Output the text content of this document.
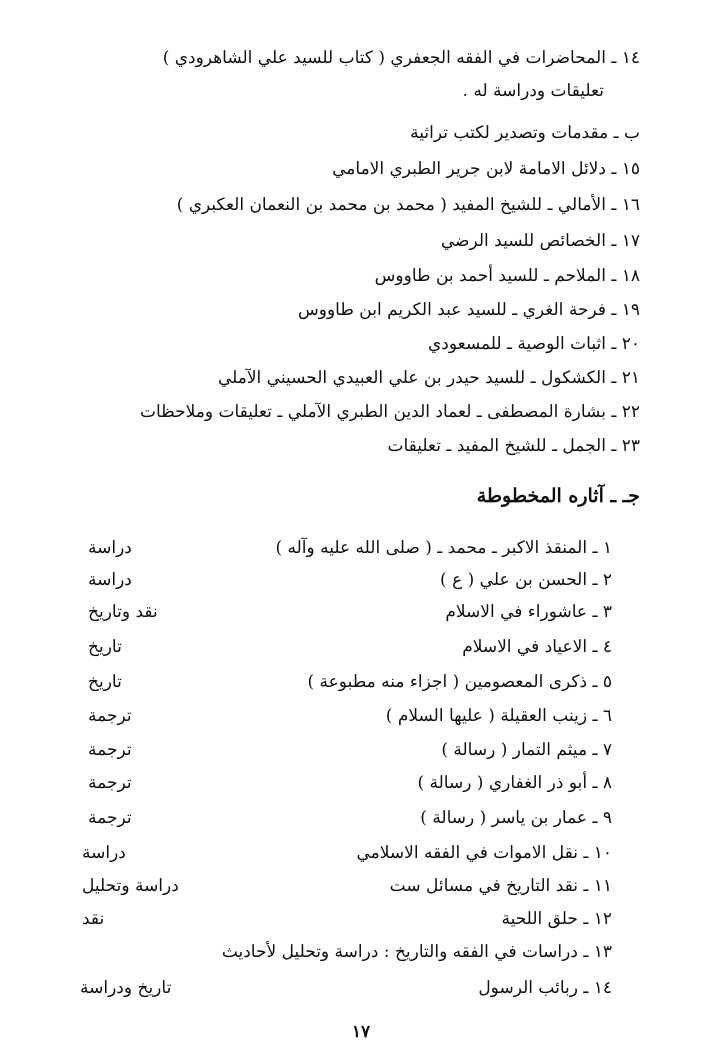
١٤ ـ المحاضرات في الفقه الجعفري ( كتاب للسيد علي الشاهرودي )
تعليقات ودراسة له .
ب ـ مقدمات وتصدير لكتب تراثية
١٥ ـ دلائل الامامة لابن جرير الطبري الامامي
١٦ ـ الأمالي ـ للشيخ المفيد ( محمد بن محمد بن النعمان العكبري )
١٧ ـ الخصائص للسيد الرضي
١٨ ـ الملاحم ـ للسيد أحمد بن طاووس
١٩ ـ فرحة الغري ـ للسيد عبد الكريم ابن طاووس
٢٠ ـ اثبات الوصية ـ للمسعودي
٢١ ـ الكشكول ـ للسيد حيدر بن علي العبيدي الحسيني الآملي
٢٢ ـ بشارة المصطفى ـ لعماد الدين الطبري الآملي ـ تعليقات وملاحظات
٢٣ ـ الجمل ـ للشيخ المفيد ـ تعليقات
جـ ـ آثاره المخطوطة
١ ـ المنقذ الاكبر ـ محمد ـ ( صلى الله عليه وآله )
دراسة
٢ ـ الحسن بن علي ( ع )
دراسة
٣ ـ عاشوراء في الاسلام
نقد وتاريخ
٤ ـ الاعياد في الاسلام
تاريخ
٥ ـ ذكرى المعصومين ( اجزاء منه مطبوعة )
تاريخ
٦ ـ زينب العقيلة ( عليها السلام )
ترجمة
٧ ـ ميثم التمار ( رسالة )
ترجمة
٨ ـ أبو ذر الغفاري ( رسالة )
ترجمة
٩ ـ عمار بن ياسر ( رسالة )
ترجمة
١٠ ـ نقل الاموات في الفقه الاسلامي
دراسة
١١ ـ نقد التاريخ في مسائل ست
دراسة وتحليل
١٢ ـ حلق اللحية
نقد
١٣ ـ دراسات في الفقه والتاريخ : دراسة وتحليل لأحاديث
١٤ ـ ربائب الرسول
تاريخ ودراسة
١٧
